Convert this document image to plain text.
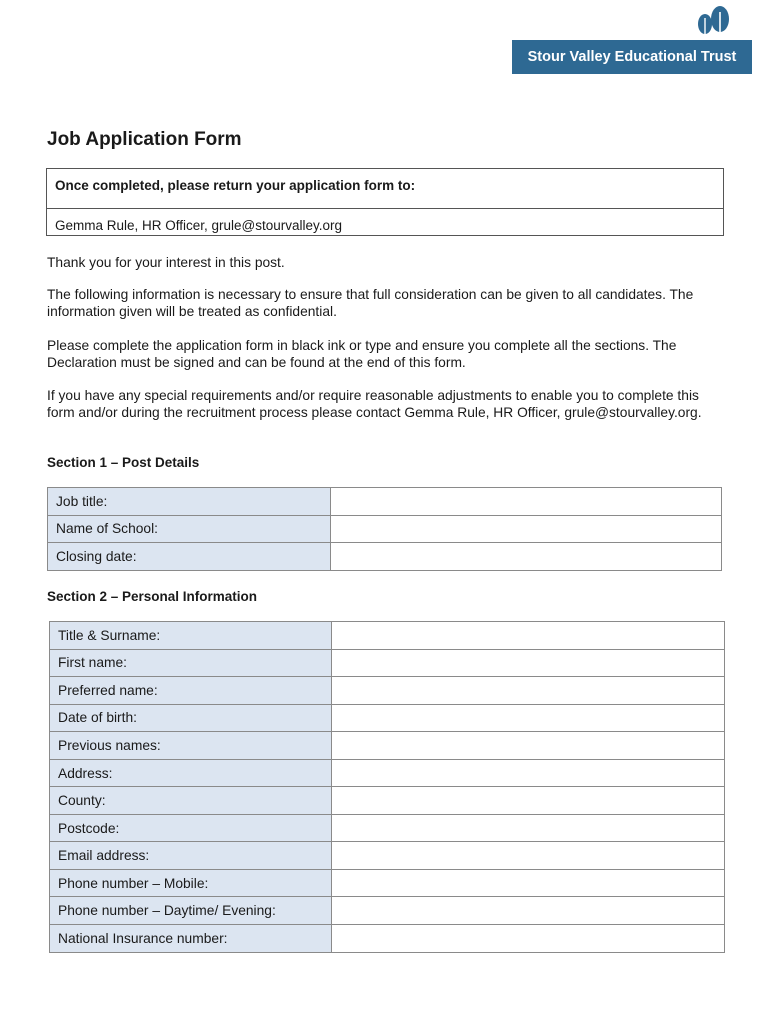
Stour Valley Educational Trust
Job Application Form
Once completed, please return your application form to:
Gemma Rule, HR Officer, grule@stourvalley.org

Thank you for your interest in this post.

The following information is necessary to ensure that full consideration can be given to all candidates. The information given will be treated as confidential.

Please complete the application form in black ink or type and ensure you complete all the sections. The Declaration must be signed and can be found at the end of this form.

If you have any special requirements and/or require reasonable adjustments to enable you to complete this form and/or during the recruitment process please contact Gemma Rule, HR Officer, grule@stourvalley.org.

Section 1 – Post Details
Job title:	
Name of School:	
Closing date:	
Section 2 – Personal Information
Title & Surname:	
First name:	
Preferred name:	
Date of birth:	
Previous names:	
Address:	
County:	
Postcode:	
Email address:	
Phone number – Mobile:	
Phone number – Daytime/ Evening:	
National Insurance number:	
